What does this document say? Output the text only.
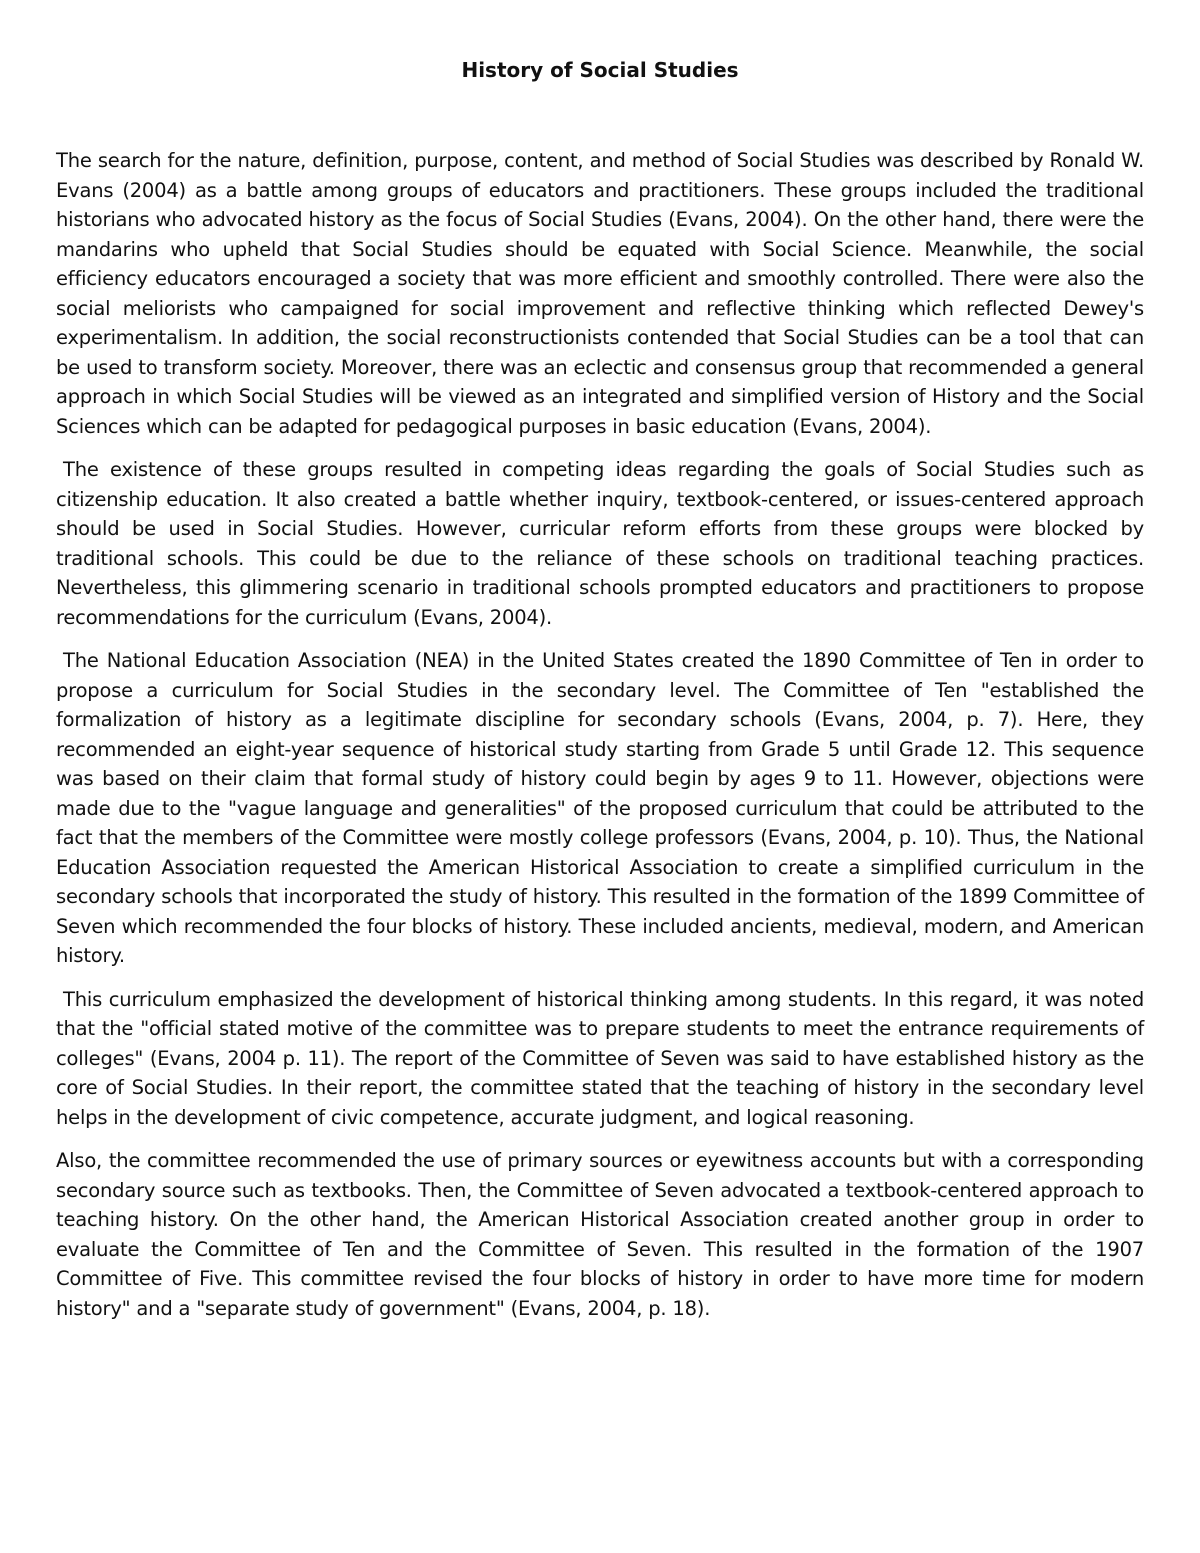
History of Social Studies

The search for the nature, definition, purpose, content, and method of Social Studies was described by Ronald W. Evans (2004) as a battle among groups of educators and practitioners. These groups included the traditional historians who advocated history as the focus of Social Studies (Evans, 2004). On the other hand, there were the mandarins who upheld that Social Studies should be equated with Social Science. Meanwhile, the social efficiency educators encouraged a society that was more efficient and smoothly controlled. There were also the social meliorists who campaigned for social improvement and reflective thinking which reflected Dewey's experimentalism. In addition, the social reconstructionists contended that Social Studies can be a tool that can be used to transform society. Moreover, there was an eclectic and consensus group that recommended a general approach in which Social Studies will be viewed as an integrated and simplified version of History and the Social Sciences which can be adapted for pedagogical purposes in basic education (Evans, 2004).

The existence of these groups resulted in competing ideas regarding the goals of Social Studies such as citizenship education. It also created a battle whether inquiry, textbook-centered, or issues-centered approach should be used in Social Studies. However, curricular reform efforts from these groups were blocked by traditional schools. This could be due to the reliance of these schools on traditional teaching practices. Nevertheless, this glimmering scenario in traditional schools prompted educators and practitioners to propose recommendations for the curriculum (Evans, 2004).

The National Education Association (NEA) in the United States created the 1890 Committee of Ten in order to propose a curriculum for Social Studies in the secondary level. The Committee of Ten "established the formalization of history as a legitimate discipline for secondary schools (Evans, 2004, p. 7). Here, they recommended an eight-year sequence of historical study starting from Grade 5 until Grade 12. This sequence was based on their claim that formal study of history could begin by ages 9 to 11. However, objections were made due to the "vague language and generalities" of the proposed curriculum that could be attributed to the fact that the members of the Committee were mostly college professors (Evans, 2004, p. 10). Thus, the National Education Association requested the American Historical Association to create a simplified curriculum in the secondary schools that incorporated the study of history. This resulted in the formation of the 1899 Committee of Seven which recommended the four blocks of history. These included ancients, medieval, modern, and American history.

This curriculum emphasized the development of historical thinking among students. In this regard, it was noted that the "official stated motive of the committee was to prepare students to meet the entrance requirements of colleges" (Evans, 2004 p. 11). The report of the Committee of Seven was said to have established history as the core of Social Studies. In their report, the committee stated that the teaching of history in the secondary level helps in the development of civic competence, accurate judgment, and logical reasoning.

Also, the committee recommended the use of primary sources or eyewitness accounts but with a corresponding secondary source such as textbooks. Then, the Committee of Seven advocated a textbook-centered approach to teaching history. On the other hand, the American Historical Association created another group in order to evaluate the Committee of Ten and the Committee of Seven. This resulted in the formation of the 1907 Committee of Five. This committee revised the four blocks of history in order to have more time for modern history" and a "separate study of government" (Evans, 2004, p. 18).
